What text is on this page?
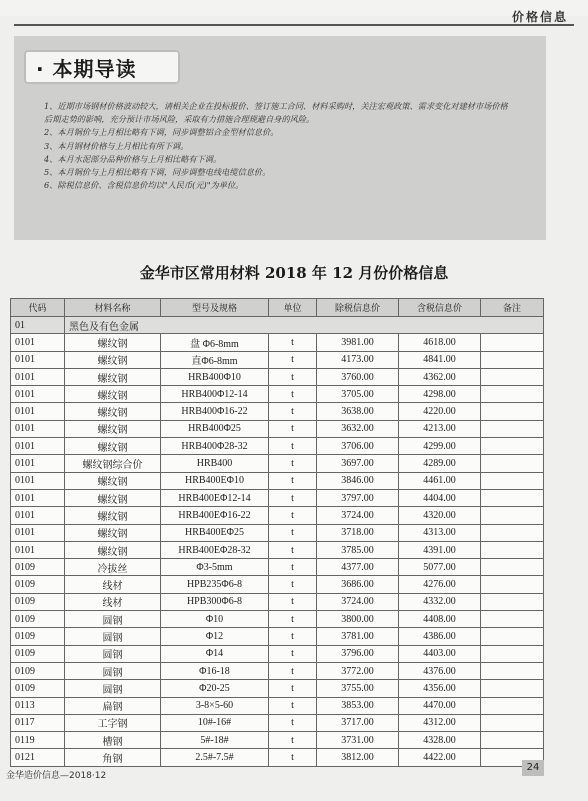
价格信息
· 本期导读

1、近期市场钢材价格波动较大，请相关企业在投标报价、签订施工合同、材料采购时，关注宏观政策、需求变化对建材市场价格后期走势的影响，充分预计市场风险，采取有力措施合理规避自身的风险。

2、本月铜价与上月相比略有下调，同步调整铝合金型材信息价。

3、本月钢材价格与上月相比有所下调。

4、本月水泥部分品种价格与上月相比略有下调。

5、本月铜价与上月相比略有下调，同步调整电线电缆信息价。

6、除税信息价、含税信息价均以"人民币(元)"为单位。

金华市区常用材料 2018 年 12 月份价格信息
代码	材料名称	型号及规格	单位	除税信息价	含税信息价	备注
01	黑色及有色金属					
0101	螺纹钢	盘 Φ6-8mm	t	3981.00	4618.00	
0101	螺纹钢	直Φ6-8mm	t	4173.00	4841.00	
0101	螺纹钢	HRB400Φ10	t	3760.00	4362.00	
0101	螺纹钢	HRB400Φ12-14	t	3705.00	4298.00	
0101	螺纹钢	HRB400Φ16-22	t	3638.00	4220.00	
0101	螺纹钢	HRB400Φ25	t	3632.00	4213.00	
0101	螺纹钢	HRB400Φ28-32	t	3706.00	4299.00	
0101	螺纹钢综合价	HRB400	t	3697.00	4289.00	
0101	螺纹钢	HRB400EΦ10	t	3846.00	4461.00	
0101	螺纹钢	HRB400EΦ12-14	t	3797.00	4404.00	
0101	螺纹钢	HRB400EΦ16-22	t	3724.00	4320.00	
0101	螺纹钢	HRB400EΦ25	t	3718.00	4313.00	
0101	螺纹钢	HRB400EΦ28-32	t	3785.00	4391.00	
0109	冷拔丝	Φ3-5mm	t	4377.00	5077.00	
0109	线材	HPB235Φ6-8	t	3686.00	4276.00	
0109	线材	HPB300Φ6-8	t	3724.00	4332.00	
0109	圆钢	Φ10	t	3800.00	4408.00	
0109	圆钢	Φ12	t	3781.00	4386.00	
0109	圆钢	Φ14	t	3796.00	4403.00	
0109	圆钢	Φ16-18	t	3772.00	4376.00	
0109	圆钢	Φ20-25	t	3755.00	4356.00	
0113	扁钢	3-8×5-60	t	3853.00	4470.00	
0117	工字钢	10#-16#	t	3717.00	4312.00	
0119	槽钢	5#-18#	t	3731.00	4328.00	
0121	角钢	2.5#-7.5#	t	3812.00	4422.00	
金华造价信息—2018·12
24
